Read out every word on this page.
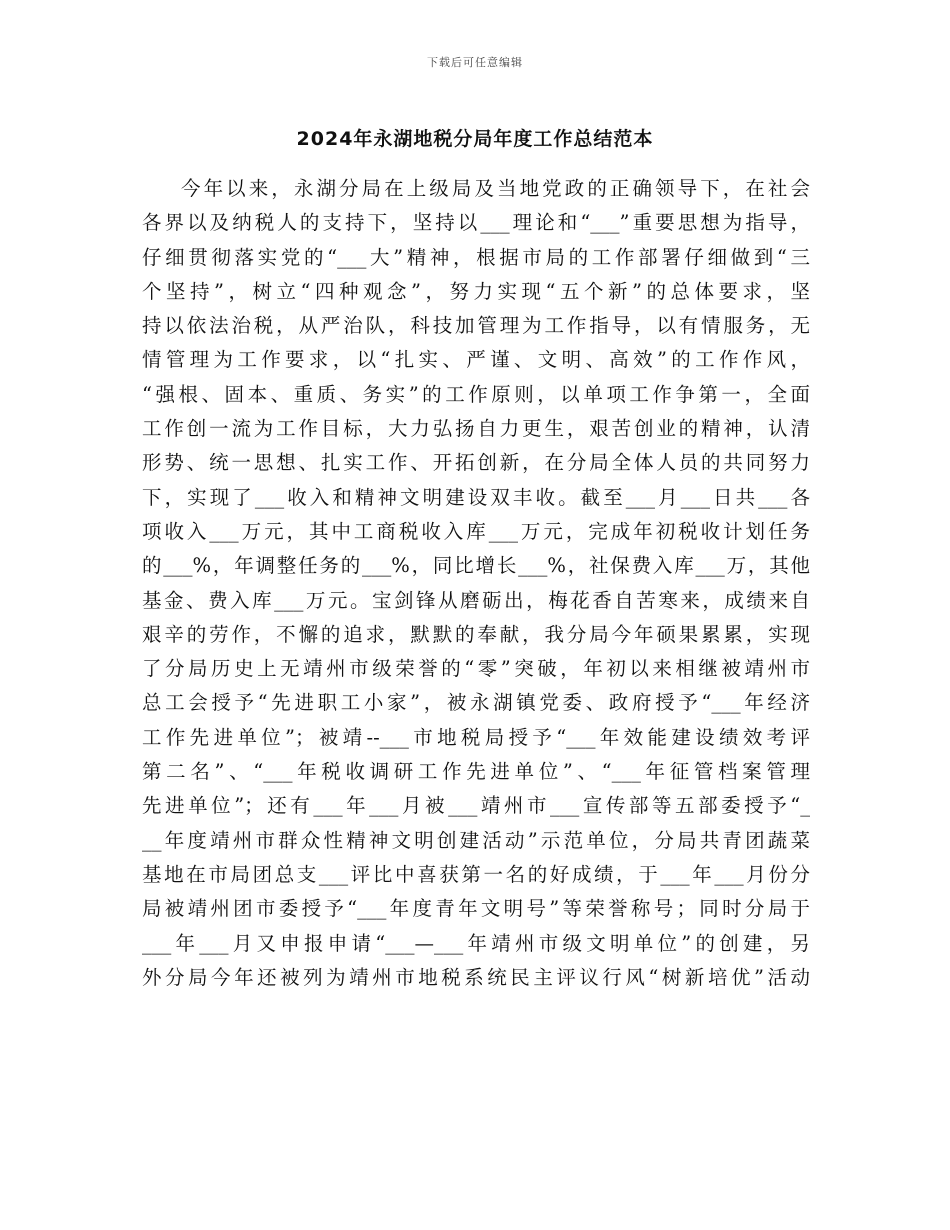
下载后可任意编辑
2024年永湖地税分局年度工作总结范本
今年以来，永湖分局在上级局及当地党政的正确领导下，在社会
各界以及纳税人的支持下，坚持以___理论和“___”重要思想为指导，
仔细贯彻落实党的“___大”精神，根据市局的工作部署仔细做到“三
个坚持”，树立“四种观念”，努力实现“五个新”的总体要求，坚
持以依法治税，从严治队，科技加管理为工作指导，以有情服务，无
情管理为工作要求，以“扎实、严谨、文明、高效”的工作作风，
“强根、固本、重质、务实”的工作原则，以单项工作争第一，全面
工作创一流为工作目标，大力弘扬自力更生，艰苦创业的精神，认清
形势、统一思想、扎实工作、开拓创新，在分局全体人员的共同努力
下，实现了___收入和精神文明建设双丰收。截至___月___日共___各
项收入___万元，其中工商税收入库___万元，完成年初税收计划任务
的___%，年调整任务的___%，同比增长___%，社保费入库___万，其他
基金、费入库___万元。宝剑锋从磨砺出，梅花香自苦寒来，成绩来自
艰辛的劳作，不懈的追求，默默的奉献，我分局今年硕果累累，实现
了分局历史上无靖州市级荣誉的“零”突破，年初以来相继被靖州市
总工会授予“先进职工小家”，被永湖镇党委、政府授予“___年经济
工作先进单位”；被靖--___市地税局授予“___年效能建设绩效考评
第二名”、“___年税收调研工作先进单位”、“___年征管档案管理
先进单位”；还有___年___月被___靖州市___宣传部等五部委授予“_
__年度靖州市群众性精神文明创建活动”示范单位，分局共青团蔬菜
基地在市局团总支___评比中喜获第一名的好成绩，于___年___月份分
局被靖州团市委授予“___年度青年文明号”等荣誉称号；同时分局于
___年___月又申报申请“___—___年靖州市级文明单位”的创建，另
外分局今年还被列为靖州市地税系统民主评议行风“树新培优”活动
